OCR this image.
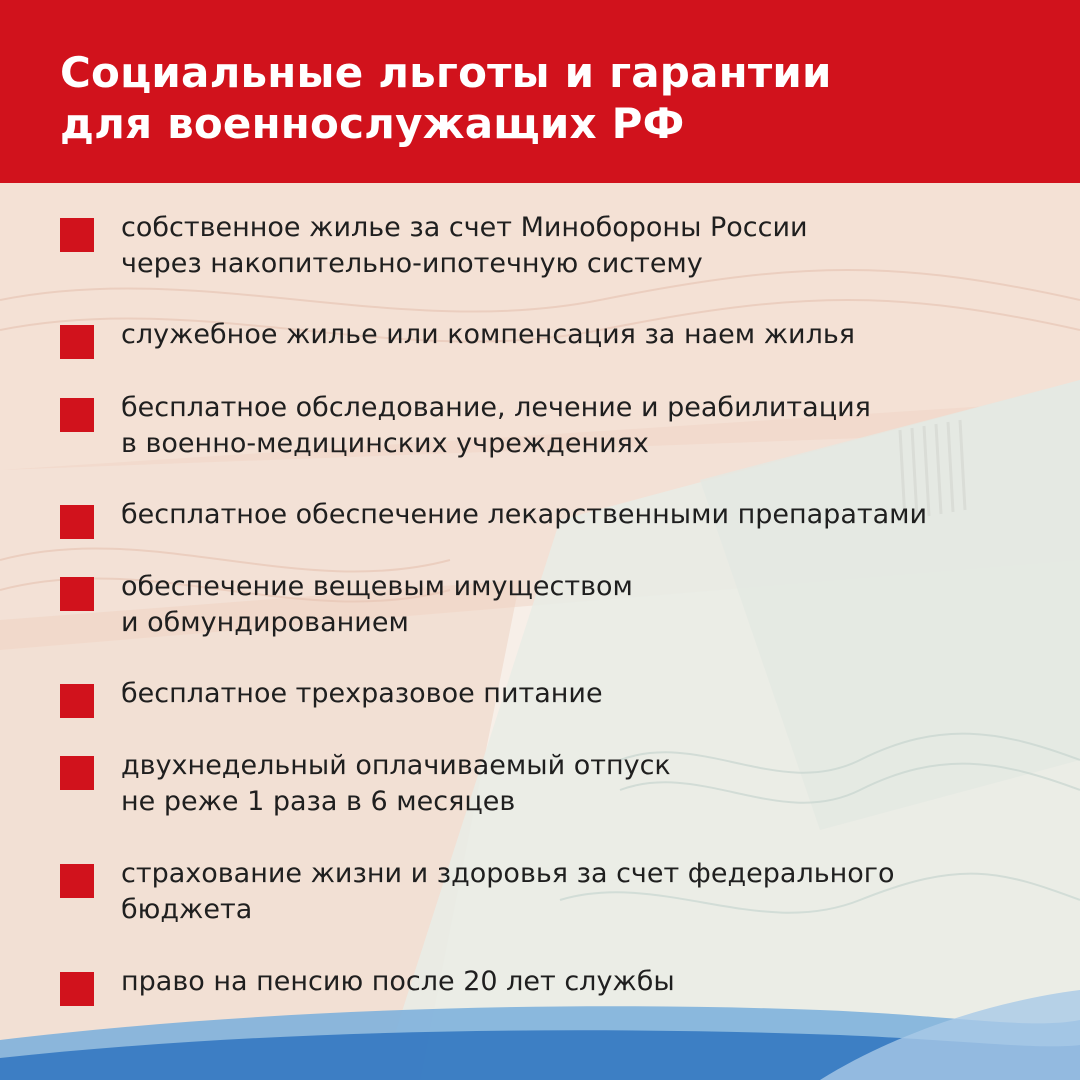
Социальные льготы и гарантии
для военнослужащих РФ
собственное жилье за счет Минобороны России
через накопительно-ипотечную систему
служебное жилье или компенсация за наем жилья
бесплатное обследование, лечение и реабилитация
в военно-медицинских учреждениях
бесплатное обеспечение лекарственными препаратами
обеспечение вещевым имуществом
и обмундированием
бесплатное трехразовое питание
двухнедельный оплачиваемый отпуск
не реже 1 раза в 6 месяцев
страхование жизни и здоровья за счет федерального
бюджета
право на пенсию после 20 лет службы
